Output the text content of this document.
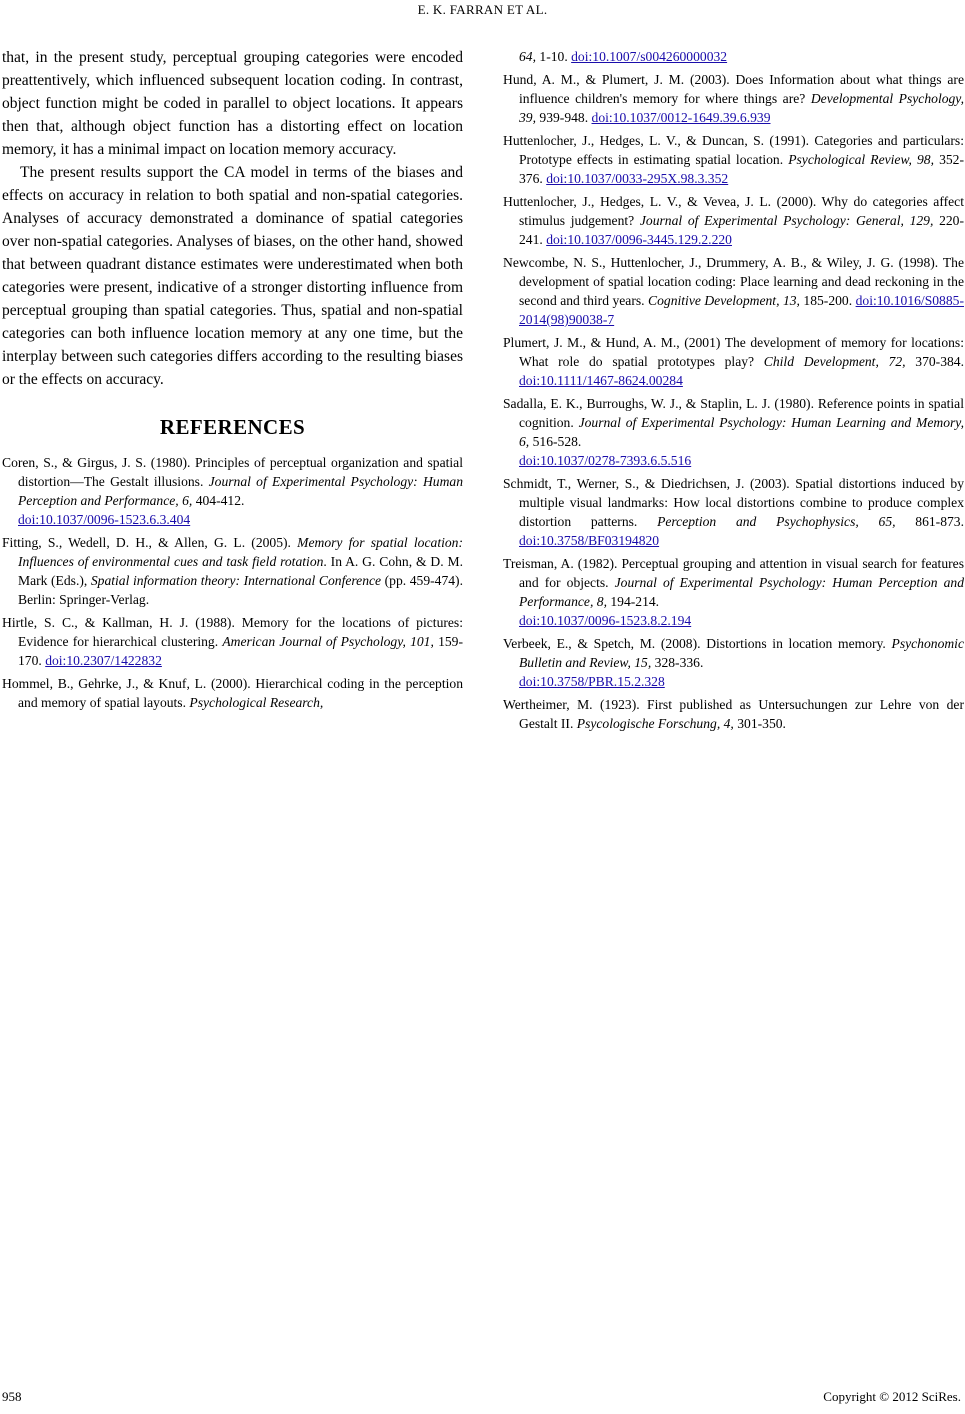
E. K. FARRAN ET AL.

that, in the present study, perceptual grouping categories were encoded preattentively, which influenced subsequent location coding. In contrast, object function might be coded in parallel to object locations. It appears then that, although object function has a distorting effect on location memory, it has a minimal impact on location memory accuracy.

The present results support the CA model in terms of the biases and effects on accuracy in relation to both spatial and non-spatial categories. Analyses of accuracy demonstrated a dominance of spatial categories over non-spatial categories. Analyses of biases, on the other hand, showed that between quadrant distance estimates were underestimated when both categories were present, indicative of a stronger distorting influence from perceptual grouping than spatial categories. Thus, spatial and non-spatial categories can both influence location memory at any one time, but the interplay between such categories differs according to the resulting biases or the effects on accuracy.

REFERENCES

Coren, S., & Girgus, J. S. (1980). Principles of perceptual organization and spatial distortion—The Gestalt illusions. Journal of Experimental Psychology: Human Perception and Performance, 6, 404-412.
doi:10.1037/0096-1523.6.3.404

Fitting, S., Wedell, D. H., & Allen, G. L. (2005). Memory for spatial location: Influences of environmental cues and task field rotation. In A. G. Cohn, & D. M. Mark (Eds.), Spatial information theory: International Conference (pp. 459-474). Berlin: Springer-Verlag.

Hirtle, S. C., & Kallman, H. J. (1988). Memory for the locations of pictures: Evidence for hierarchical clustering. American Journal of Psychology, 101, 159-170. doi:10.2307/1422832

Hommel, B., Gehrke, J., & Knuf, L. (2000). Hierarchical coding in the perception and memory of spatial layouts. Psychological Research,

64, 1-10. doi:10.1007/s004260000032

Hund, A. M., & Plumert, J. M. (2003). Does Information about what things are influence children's memory for where things are? Developmental Psychology, 39, 939-948. doi:10.1037/0012-1649.39.6.939

Huttenlocher, J., Hedges, L. V., & Duncan, S. (1991). Categories and particulars: Prototype effects in estimating spatial location. Psychological Review, 98, 352-376. doi:10.1037/0033-295X.98.3.352

Huttenlocher, J., Hedges, L. V., & Vevea, J. L. (2000). Why do categories affect stimulus judgement? Journal of Experimental Psychology: General, 129, 220-241. doi:10.1037/0096-3445.129.2.220

Newcombe, N. S., Huttenlocher, J., Drummery, A. B., & Wiley, J. G. (1998). The development of spatial location coding: Place learning and dead reckoning in the second and third years. Cognitive Development, 13, 185-200. doi:10.1016/S0885-2014(98)90038-7

Plumert, J. M., & Hund, A. M., (2001) The development of memory for locations: What role do spatial prototypes play? Child Development, 72, 370-384. doi:10.1111/1467-8624.00284

Sadalla, E. K., Burroughs, W. J., & Staplin, L. J. (1980). Reference points in spatial cognition. Journal of Experimental Psychology: Human Learning and Memory, 6, 516-528.
doi:10.1037/0278-7393.6.5.516

Schmidt, T., Werner, S., & Diedrichsen, J. (2003). Spatial distortions induced by multiple visual landmarks: How local distortions combine to produce complex distortion patterns. Perception and Psychophysics, 65, 861-873. doi:10.3758/BF03194820

Treisman, A. (1982). Perceptual grouping and attention in visual search for features and for objects. Journal of Experimental Psychology: Human Perception and Performance, 8, 194-214.
doi:10.1037/0096-1523.8.2.194

Verbeek, E., & Spetch, M. (2008). Distortions in location memory. Psychonomic Bulletin and Review, 15, 328-336.
doi:10.3758/PBR.15.2.328

Wertheimer, M. (1923). First published as Untersuchungen zur Lehre von der Gestalt II. Psycologische Forschung, 4, 301-350.

958	Copyright © 2012 SciRes.
